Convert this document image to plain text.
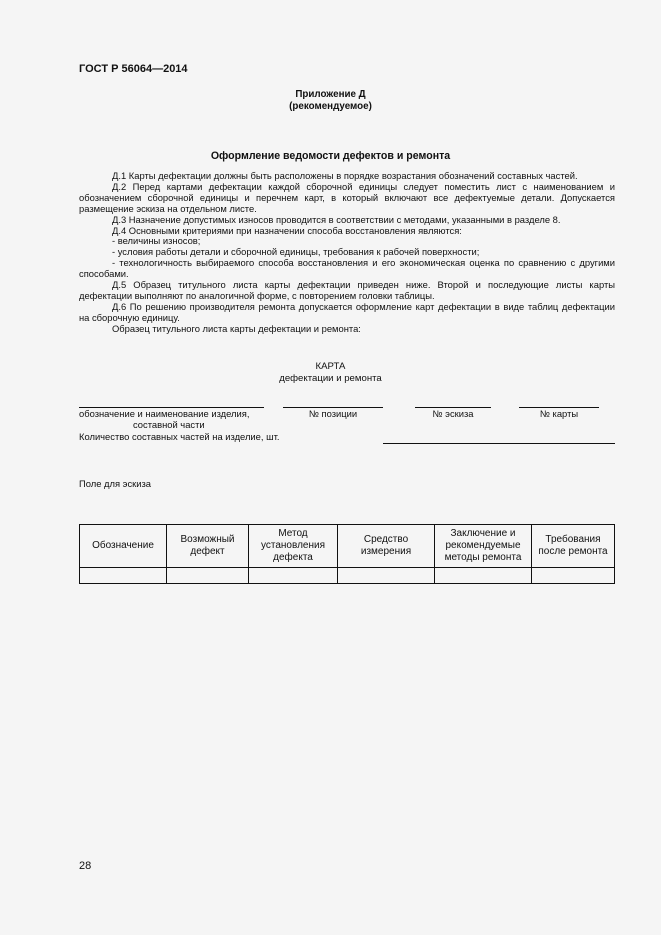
ГОСТ Р 56064—2014
Приложение Д
(рекомендуемое)
Оформление ведомости дефектов и ремонта

Д.1 Карты дефектации должны быть расположены в порядке возрастания обозначений составных частей.

Д.2 Перед картами дефектации каждой сборочной единицы следует поместить лист с наименованием и обозначением сборочной единицы и перечнем карт, в который включают все дефектуемые детали. Допускается размещение эскиза на отдельном листе.

Д.3 Назначение допустимых износов проводится в соответствии с методами, указанными в разделе 8.

Д.4 Основными критериями при назначении способа восстановления являются:

- величины износов;

- условия работы детали и сборочной единицы, требования к рабочей поверхности;

- технологичность выбираемого способа восстановления и его экономическая оценка по сравнению с другими способами.

Д.5 Образец титульного листа карты дефектации приведен ниже. Второй и последующие листы карты дефектации выполняют по аналогичной форме, с повторением головки таблицы.

Д.6 По решению производителя ремонта допускается оформление карт дефектации в виде таблиц дефектации на сборочную единицу.

Образец титульного листа карты дефектации и ремонта:

КАРТА
дефектации и ремонта
обозначение и наименование изделия,
составной части
№ позиции	№ эскиза	№ карты
Количество составных частей на изделие, шт.
Поле для эскиза
Обозначение	Возможный дефект	Метод установления дефекта	Средство измерения	Заключение и рекомендуемые методы ремонта	Требования после ремонта

28
